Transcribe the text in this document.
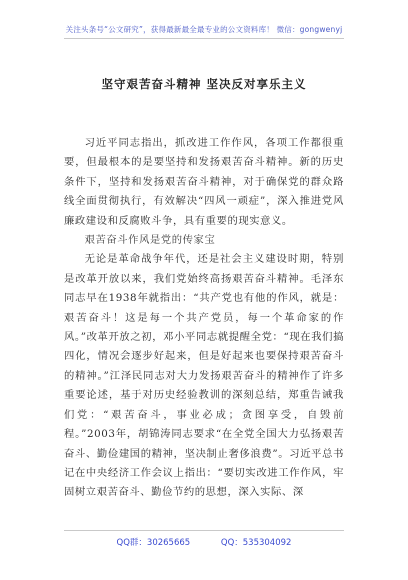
关注头条号“公文研究”，获得最新最全最专业的公文资料库！ 微信：gongwenyj
坚守艰苦奋斗精神 坚决反对享乐主义

习近平同志指出，抓改进工作作风，各项工作都很重要，但最根本的是要坚持和发扬艰苦奋斗精神。新的历史条件下，坚持和发扬艰苦奋斗精神，对于确保党的群众路线全面贯彻执行，有效解决“四风一顽症”，深入推进党风廉政建设和反腐败斗争，具有重要的现实意义。

艰苦奋斗作风是党的传家宝

无论是革命战争年代，还是社会主义建设时期，特别是改革开放以来，我们党始终高扬艰苦奋斗精神。毛泽东同志早在1938年就指出：“共产党也有他的作风，就是：艰苦奋斗！这是每一个共产党员，每一个革命家的作风。”改革开放之初，邓小平同志就提醒全党：“现在我们搞四化，情况会逐步好起来，但是好起来也要保持艰苦奋斗的精神。”江泽民同志对大力发扬艰苦奋斗的精神作了许多重要论述，基于对历史经验教训的深刻总结，郑重告诫我们党：“艰苦奋斗，事业必成；贪图享受，自毁前程。”2003年，胡锦涛同志要求“在全党全国大力弘扬艰苦奋斗、勤俭建国的精神，坚决制止奢侈浪费”。习近平总书记在中央经济工作会议上指出：“要切实改进工作作风，牢固树立艰苦奋斗、勤俭节约的思想，深入实际、深

QQ群：30265665	QQ：535304092
